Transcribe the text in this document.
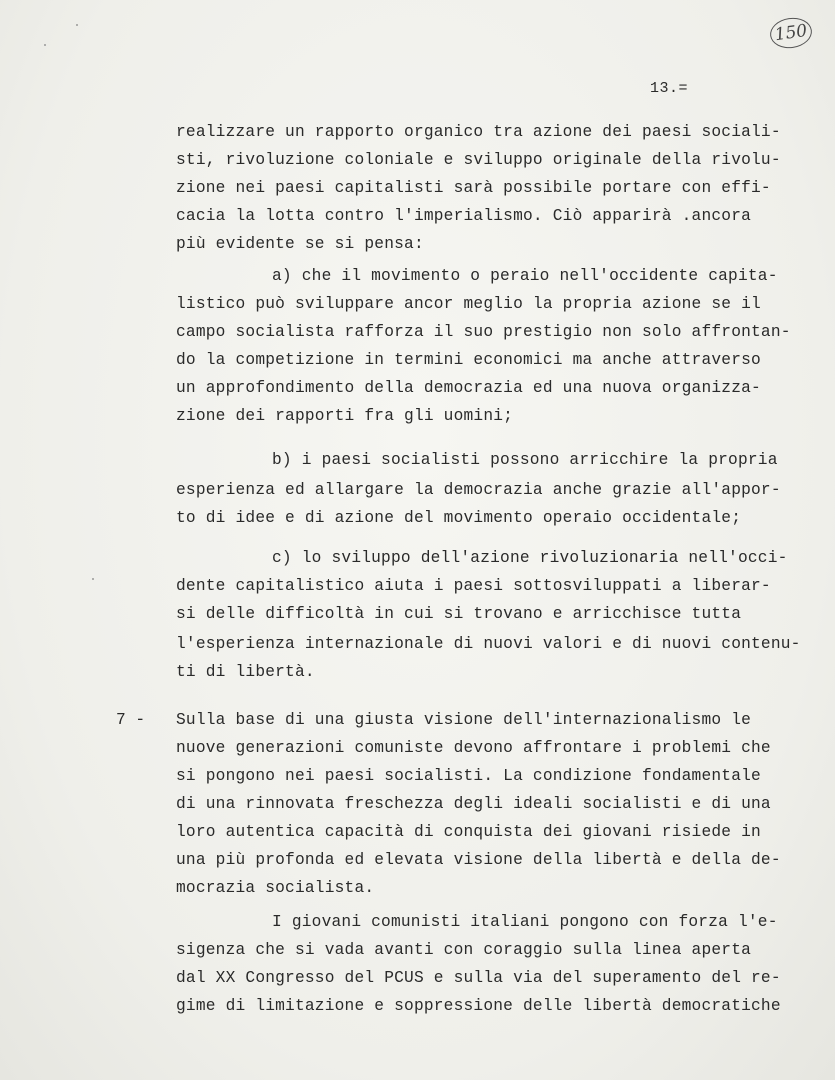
150
13.=
realizzare un rapporto organico tra azione dei paesi sociali-
sti, rivoluzione coloniale e sviluppo originale della rivolu-
zione nei paesi capitalisti sarà possibile portare con effi-
cacia la lotta contro l'imperialismo. Ciò apparirà .ancora
più evidente se si pensa:
a) che il movimento o peraio nell'occidente capita-
listico può sviluppare ancor meglio la propria azione se il
campo socialista rafforza il suo prestigio non solo affrontan-
do la competizione in termini economici ma anche attraverso
un approfondimento della democrazia ed una nuova organizza-
zione dei rapporti fra gli uomini;
b) i paesi socialisti possono arricchire la propria
esperienza ed allargare la democrazia anche grazie all'appor-
to di idee e di azione del movimento operaio occidentale;
c) lo sviluppo dell'azione rivoluzionaria nell'occi-
dente capitalistico aiuta i paesi sottosviluppati a liberar-
si delle difficoltà in cui si trovano e arricchisce tutta
l'esperienza internazionale di nuovi valori e di nuovi contenu-
ti di libertà.
7 - Sulla base di una giusta visione dell'internazionalismo le
nuove generazioni comuniste devono affrontare i problemi che
si pongono nei paesi socialisti. La condizione fondamentale
di una rinnovata freschezza degli ideali socialisti e di una
loro autentica capacità di conquista dei giovani risiede in
una più profonda ed elevata visione della libertà e della de-
mocrazia socialista.
I giovani comunisti italiani pongono con forza l'e-
sigenza che si vada avanti con coraggio sulla linea aperta
dal XX Congresso del PCUS e sulla via del superamento del re-
gime di limitazione e soppressione delle libertà democratiche
